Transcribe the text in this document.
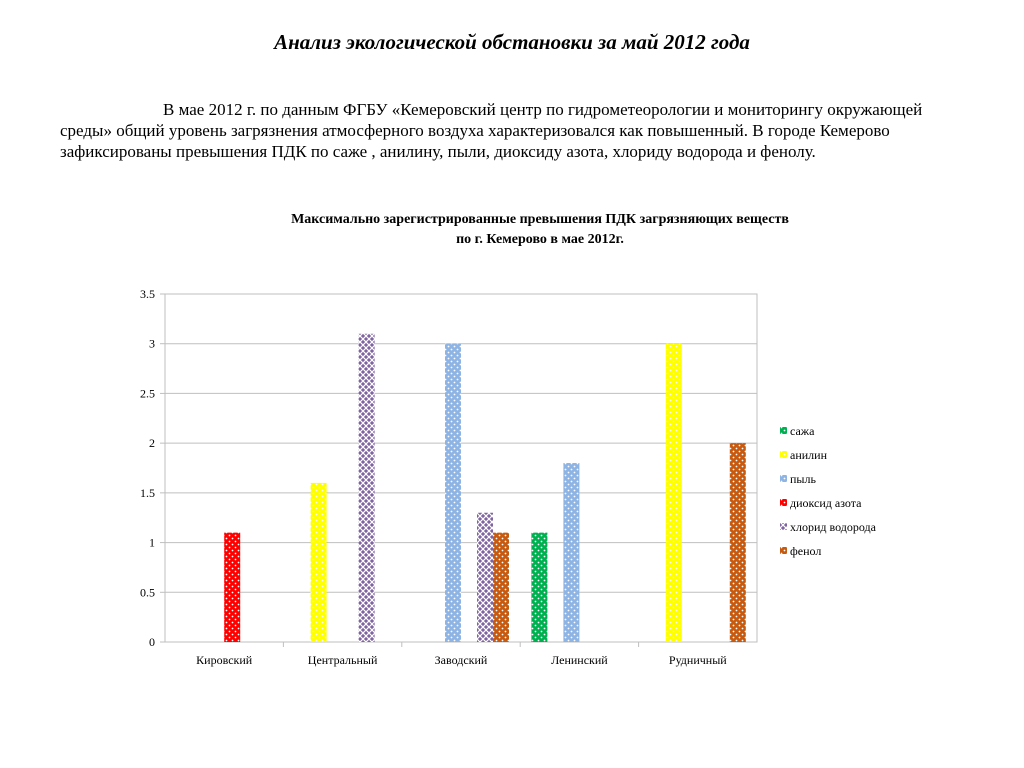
Анализ экологической обстановки за май 2012 года

В мае 2012 г. по данным ФГБУ «Кемеровский центр по гидрометеорологии и мониторингу окружающей среды» общий уровень загрязнения атмосферного воздуха характеризовался как повышенный. В городе Кемерово зафиксированы превышения ПДК по саже , анилину, пыли, диоксиду азота, хлориду водорода и фенолу.

Максимально зарегистрированные превышения ПДК загрязняющих веществ
по г. Кемерово в мае 2012г.
0
0.5
1
1.5
2
2.5
3
3.5
Кировский	Центральный	Заводский	Ленинский	Рудничный
сажа
анилин
пыль
диоксид азота
хлорид водорода
фенол
